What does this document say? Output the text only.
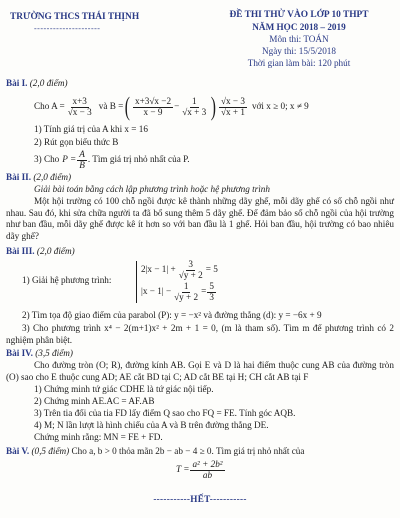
TRƯỜNG THCS THÁI THỊNH
---------------------
ĐỀ THI THỬ VÀO LỚP 10 THPT
NĂM HỌC 2018 – 2019
Môn thi: TOÁN
Ngày thi: 15/5/2018
Thời gian làm bài: 120 phút
Bài I. (2,0 điểm)
Cho $A = \frac{x+3}{√x - 3}$ và B = ( $\frac{x+3√x -2}{x - 9} - \frac{1}{√x + 3}$ ) $\frac{√x - 3}{√x + 1}$ với x ≥ 0; x ≠ 9
1) Tính giá trị của A khi x = 16
2) Rút gọn biểu thức B
3) Cho $P = \frac{A}{B}$ . Tìm giá trị nhỏ nhất của P.
Bài II. (2,0 điểm)
Giải bài toán bằng cách lập phương trình hoặc hệ phương trình
Một hội trường có 100 chỗ ngồi được kê thành những dãy ghế, mỗi dãy ghế có số chỗ ngồi như nhau. Sau đó, khi sửa chữa người ta đã bổ sung thêm 5 dãy ghế. Để đảm bảo số chỗ ngồi của hội trường như ban đầu, mỗi dãy ghế được kê ít hơn so với ban đầu là 1 ghế. Hỏi ban đầu, hội trường có bao nhiêu dãy ghế?
Bài III. (2,0 điểm)
1) Giải hệ phương trình:
$2|x - 1| + \frac{3}{√y + 2} = 5$
$|x - 1| - \frac{1}{√y + 2} = \frac{5}{3}$
2) Tìm tọa độ giao điểm của parabol (P): y = −x² và đường thẳng (d): y = −6x + 9
3) Cho phương trình x⁴ − 2(m+1)x² + 2m + 1 = 0, (m là tham số). Tìm m để phương trình có 2 nghiệm phân biệt.
Bài IV. (3,5 điểm)
Cho đường tròn (O; R), đường kính AB. Gọi E và D là hai điểm thuộc cung AB của đường tròn (O) sao cho E thuộc cung AD; AE cắt BD tại C; AD cắt BE tại H; CH cắt AB tại F
1) Chứng minh tứ giác CDHE là tứ giác nội tiếp.
2) Chứng minh AE.AC = AF.AB
3) Trên tia đối của tia FD lấy điểm Q sao cho FQ = FE. Tính góc AQB.
4) M; N lần lượt là hình chiếu của A và B trên đường thẳng DE.
Chứng minh rằng: MN = FE + FD.
Bài V. (0,5 điểm) Cho a, b > 0 thỏa mãn 2b − ab − 4 ≥ 0. Tìm giá trị nhỏ nhất của
$T = \frac{\text{a² + 2b²}}{ab}$
-----------HẾT-----------
